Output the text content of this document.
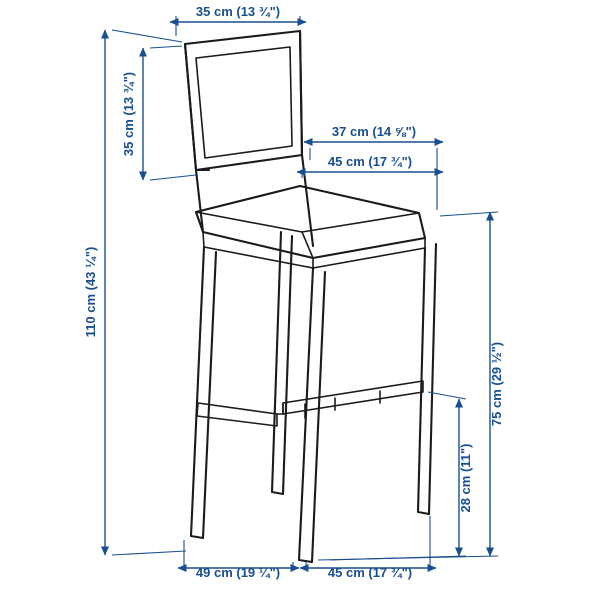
35 cm (13 ¾")
35 cm (13 ¾")	37 cm (14 ⅝")
45 cm (17 ¾")
110 cm (43 ¼")
75 cm (29 ½")
28 cm (11")
49 cm (19 ¼")	45 cm (17 ¾")
